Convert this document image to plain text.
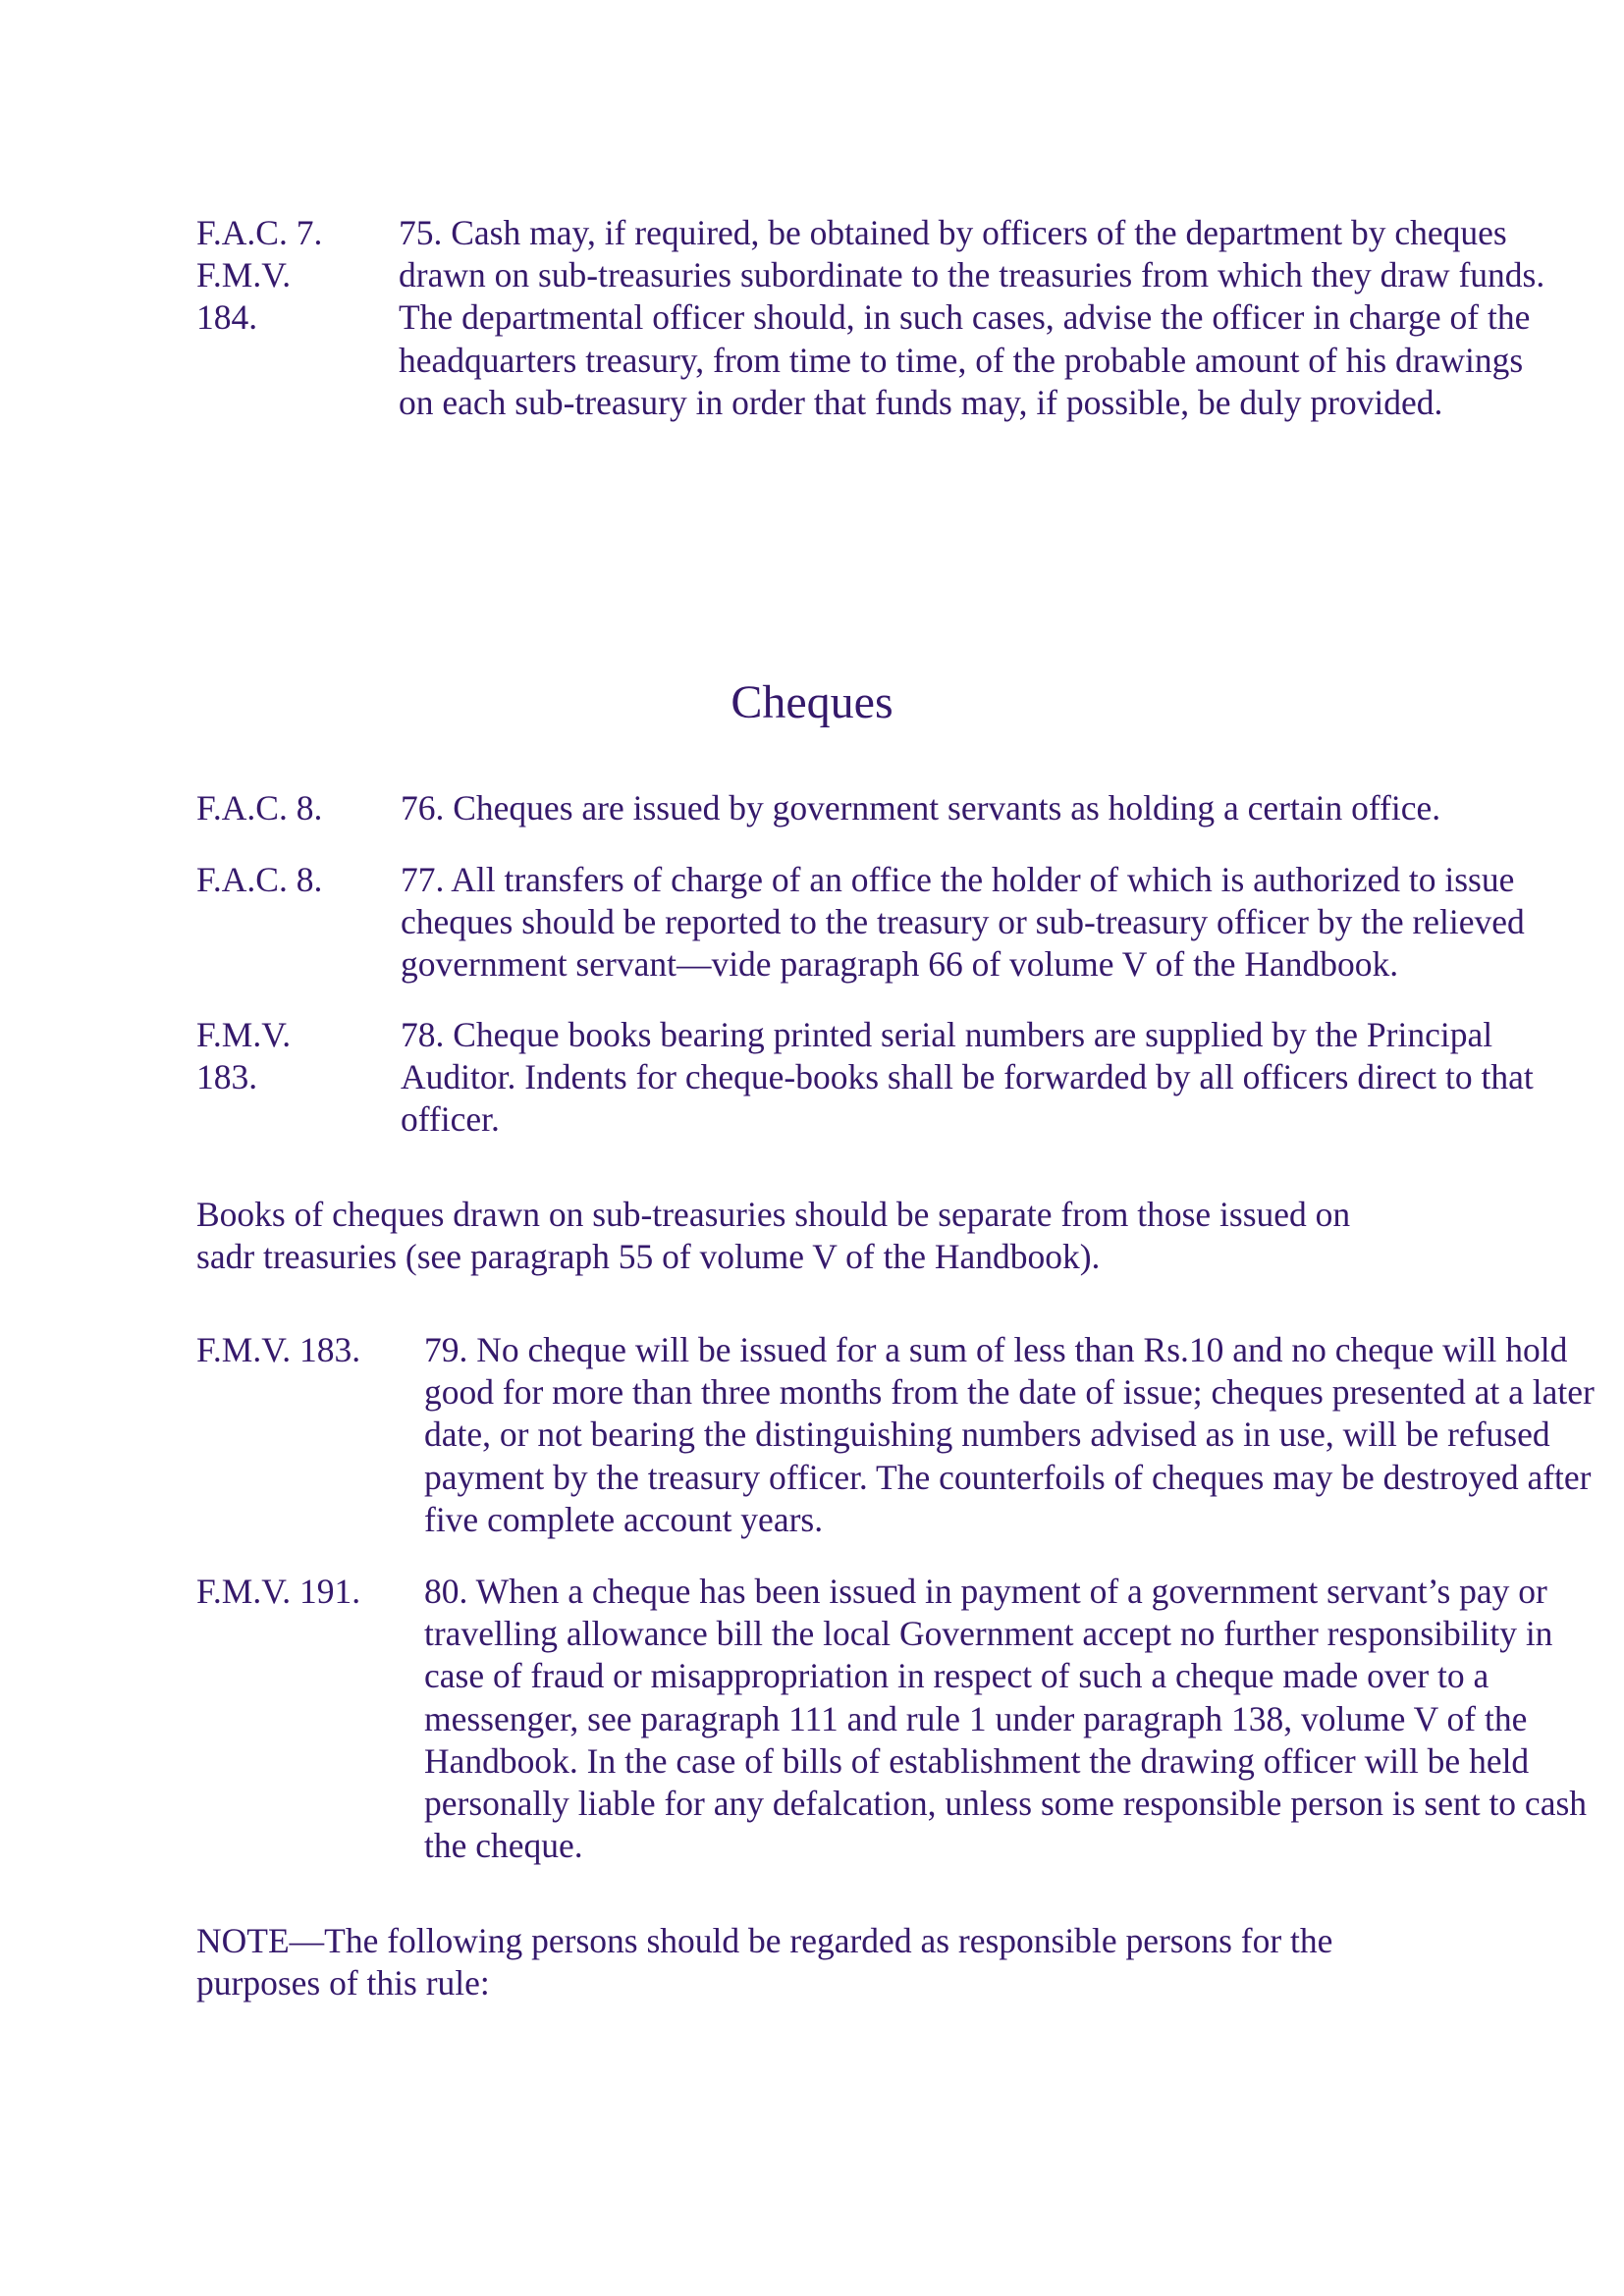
F.A.C. 7.
F.M.V.
184.
75. Cash may, if required, be obtained by officers of the department by cheques
drawn on sub-treasuries subordinate to the treasuries from which they draw funds.
The departmental officer should, in such cases, advise the officer in charge of the
headquarters treasury, from time to time, of the probable amount of his drawings
on each sub-treasury in order that funds may, if possible, be duly provided.
Cheques
F.A.C. 8. 76. Cheques are issued by government servants as holding a certain office.
F.A.C. 8. 77. All transfers of charge of an office the holder of which is authorized to issue
cheques should be reported to the treasury or sub-treasury officer by the relieved
government servant—vide paragraph 66 of volume V of the Handbook.
F.M.V.
183.
78. Cheque books bearing printed serial numbers are supplied by the Principal
Auditor. Indents for cheque-books shall be forwarded by all officers direct to that
officer.
Books of cheques drawn on sub-treasuries should be separate from those issued on
sadr treasuries (see paragraph 55 of volume V of the Handbook).
F.M.V. 183. 79. No cheque will be issued for a sum of less than Rs.10 and no cheque will hold
good for more than three months from the date of issue; cheques presented at a later
date, or not bearing the distinguishing numbers advised as in use, will be refused
payment by the treasury officer. The counterfoils of cheques may be destroyed after
five complete account years.
F.M.V. 191. 80. When a cheque has been issued in payment of a government servant’s pay or
travelling allowance bill the local Government accept no further responsibility in
case of fraud or misappropriation in respect of such a cheque made over to a
messenger, see paragraph 111 and rule 1 under paragraph 138, volume V of the
Handbook. In the case of bills of establishment the drawing officer will be held
personally liable for any defalcation, unless some responsible person is sent to cash
the cheque.
NOTE—The following persons should be regarded as responsible persons for the
purposes of this rule:
